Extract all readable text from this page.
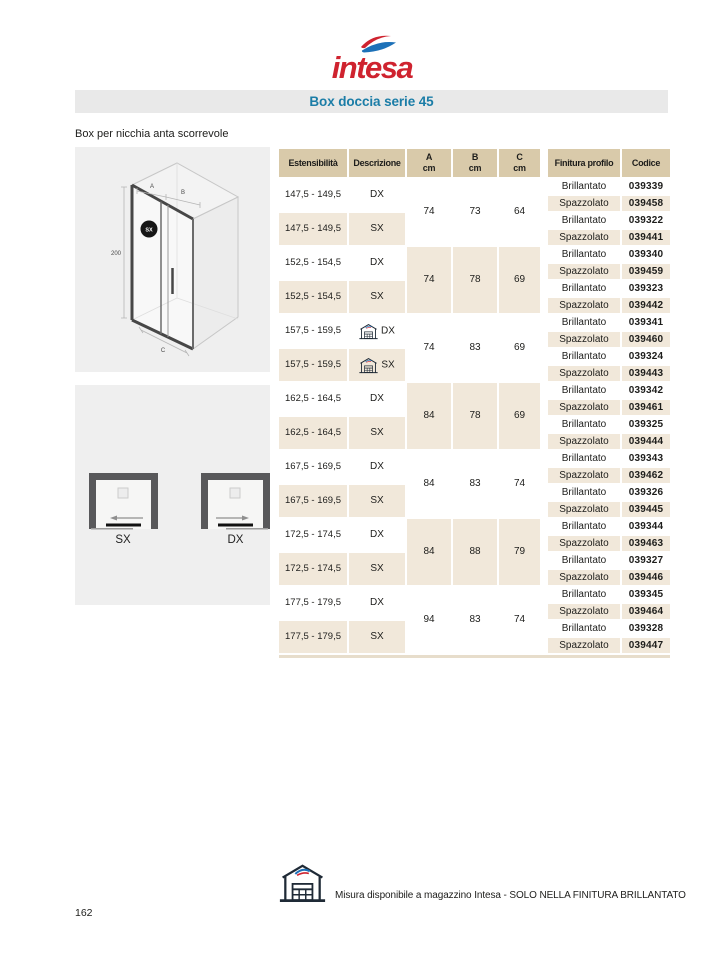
intesa
Box doccia serie 45
Box per nicchia anta scorrevole
SX
200
A
B
C
SX	DX
Estensibilità	Descrizione	
A
cm

B
cm

C
cm
		Finitura profilo	Codice
147,5 - 149,5	DX	74	73	64		Brillantato	039339
						Spazzolato	039458
147,5 - 149,5	SX					Brillantato	039322
						Spazzolato	039441
152,5 - 154,5	DX	74	78	69		Brillantato	039340
						Spazzolato	039459
152,5 - 154,5	SX					Brillantato	039323
						Spazzolato	039442
157,5 - 159,5	DX	74	83	69		Brillantato	039341
						Spazzolato	039460
157,5 - 159,5	SX					Brillantato	039324
						Spazzolato	039443
162,5 - 164,5	DX	84	78	69		Brillantato	039342
						Spazzolato	039461
162,5 - 164,5	SX					Brillantato	039325
						Spazzolato	039444
167,5 - 169,5	DX	84	83	74		Brillantato	039343
						Spazzolato	039462
167,5 - 169,5	SX					Brillantato	039326
						Spazzolato	039445
172,5 - 174,5	DX	84	88	79		Brillantato	039344
						Spazzolato	039463
172,5 - 174,5	SX					Brillantato	039327
						Spazzolato	039446
177,5 - 179,5	DX	94	83	74		Brillantato	039345
						Spazzolato	039464
177,5 - 179,5	SX					Brillantato	039328
						Spazzolato	039447
Misura disponibile a magazzino Intesa - SOLO NELLA FINITURA BRILLANTATO
162
